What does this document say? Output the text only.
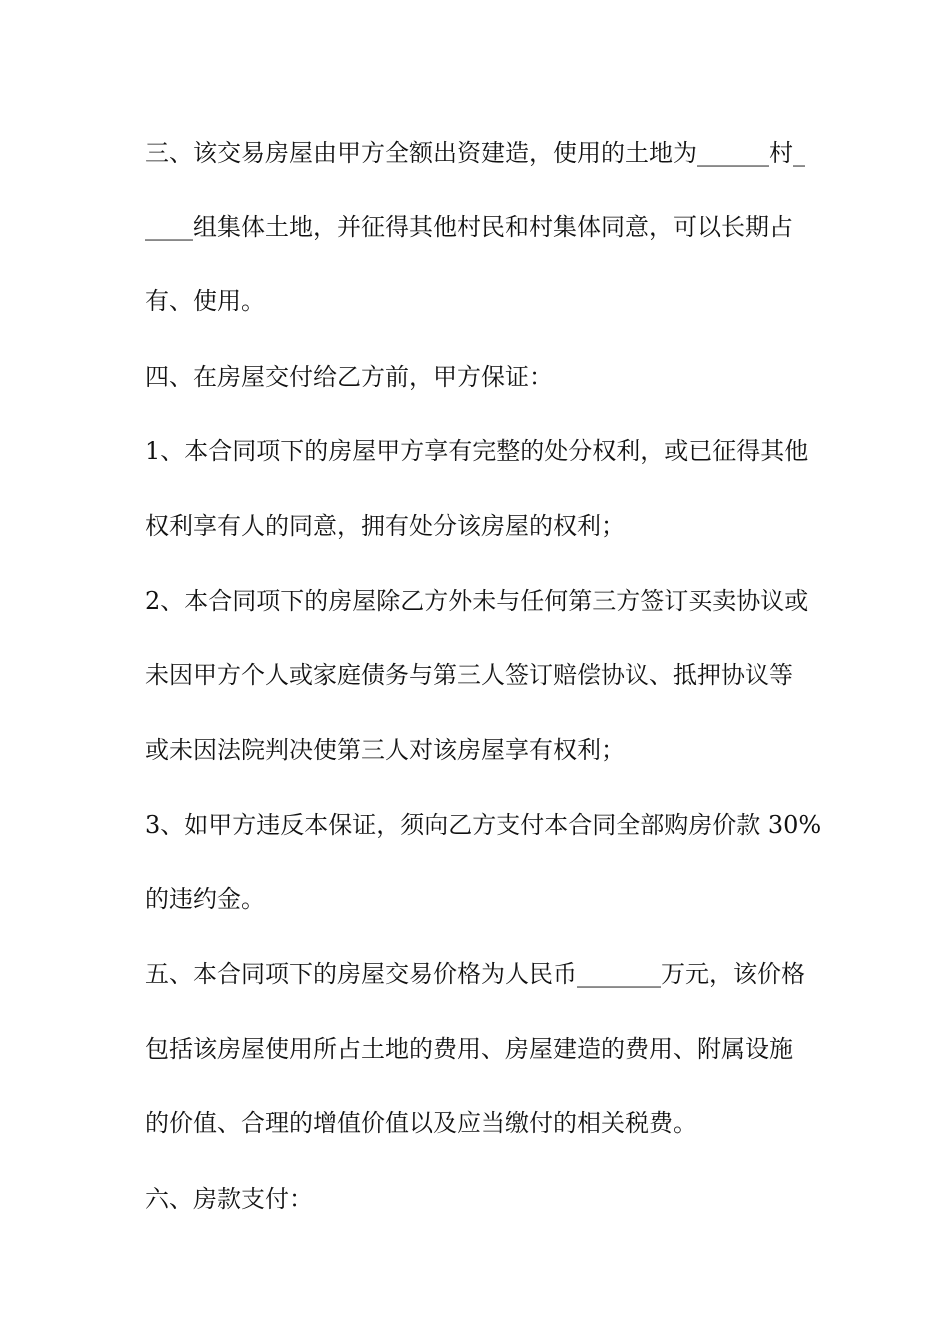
三、该交易房屋由甲方全额出资建造，使用的土地为______村_
____组集体土地，并征得其他村民和村集体同意，可以长期占
有、使用。
四、在房屋交付给乙方前，甲方保证：
1、本合同项下的房屋甲方享有完整的处分权利，或已征得其他
权利享有人的同意，拥有处分该房屋的权利；
2、本合同项下的房屋除乙方外未与任何第三方签订买卖协议或
未因甲方个人或家庭债务与第三人签订赔偿协议、抵押协议等
或未因法院判决使第三人对该房屋享有权利；
3、如甲方违反本保证，须向乙方支付本合同全部购房价款 30%
的违约金。
五、本合同项下的房屋交易价格为人民币_______万元，该价格
包括该房屋使用所占土地的费用、房屋建造的费用、附属设施
的价值、合理的增值价值以及应当缴付的相关税费。
六、房款支付：
